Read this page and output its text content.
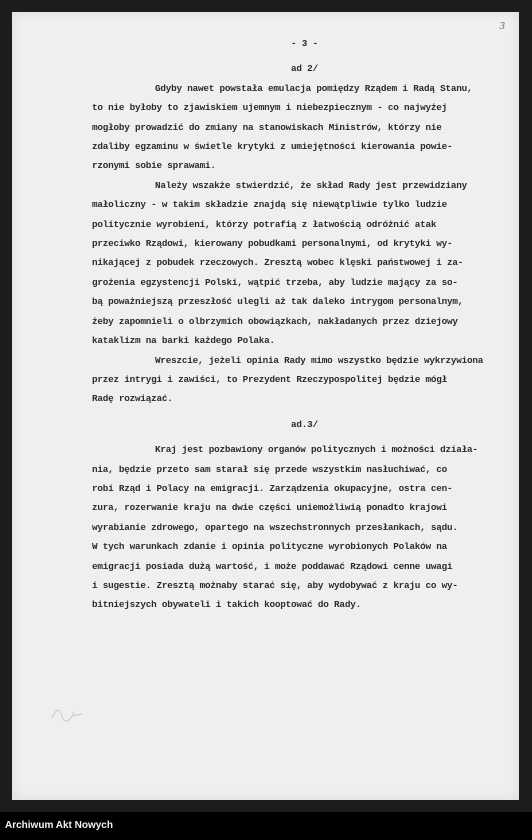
3
- 3 -
ad 2/
Gdyby nawet powstała emulacja pomiędzy Rządem i Radą Stanu,
to nie byłoby to zjawiskiem ujemnym i niebezpiecznym - co najwyżej
mogłoby prowadzić do zmiany na stanowiskach Ministrów, którzy nie
zdaliby egzaminu w świetle krytyki z umiejętności kierowania powie-
rzonymi sobie sprawami.
Należy wszakże stwierdzić, że skład Rady jest przewidziany
małoliczny - w takim składzie znajdą się niewątpliwie tylko ludzie
politycznie wyrobieni, którzy potrafią z łatwością odróżnić atak
przeciwko Rządowi, kierowany pobudkami personalnymi, od krytyki wy-
nikającej z pobudek rzeczowych. Zresztą wobec klęski państwowej i za-
grożenia egzystencji Polski, wątpić trzeba, aby ludzie mający za so-
bą poważniejszą przeszłość ulegli aż tak daleko intrygom personalnym,
żeby zapomnieli o olbrzymich obowiązkach, nakładanych przez dziejowy
kataklizm na barki każdego Polaka.
Wreszcie, jeżeli opinia Rady mimo wszystko będzie wykrzywiona
przez intrygi i zawiści, to Prezydent Rzeczypospolitej będzie mógł
Radę rozwiązać.
ad.3/
Kraj jest pozbawiony organów politycznych i możności działa-
nia, będzie przeto sam starał się przede wszystkim nasłuchiwać, co
robi Rząd i Polacy na emigracji. Zarządzenia okupacyjne, ostra cen-
zura, rozerwanie kraju na dwie części uniemożliwią ponadto krajowi
wyrabianie zdrowego, opartego na wszechstronnych przesłankach, sądu.
W tych warunkach zdanie i opinia polityczne wyrobionych Polaków na
emigracji posiada dużą wartość, i może poddawać Rządowi cenne uwagi
i sugestie. Zresztą możnaby starać się, aby wydobywać z kraju co wy-
bitniejszych obywateli i takich kooptować do Rady.
Archiwum Akt Nowych
